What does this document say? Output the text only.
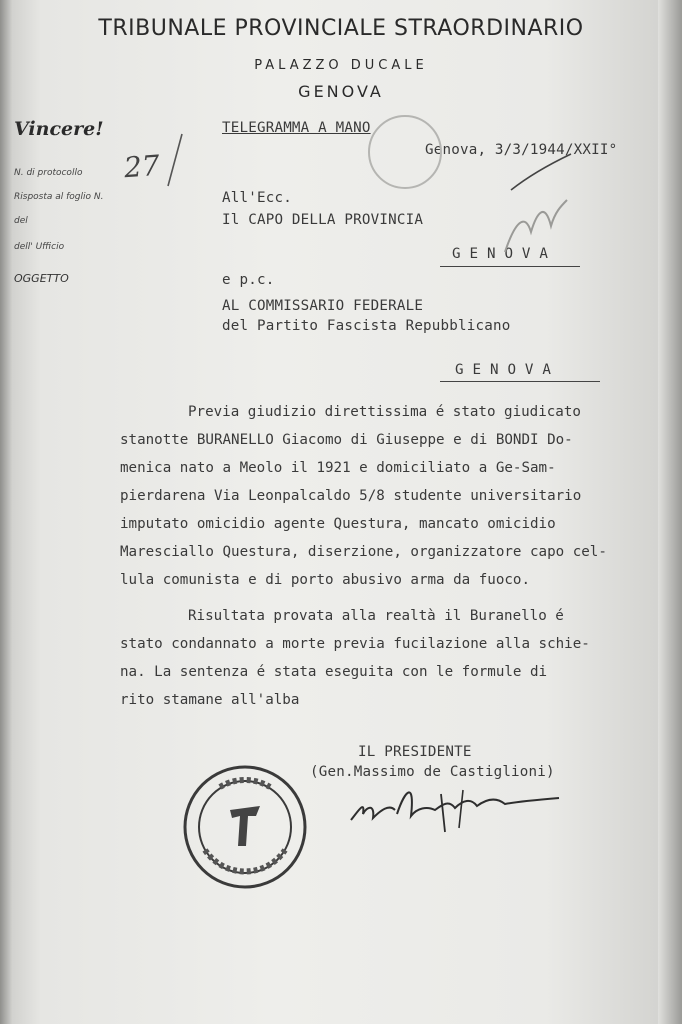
TRIBUNALE PROVINCIALE STRAORDINARIO
PALAZZO DUCALE
GENOVA
Vincere!
N. di protocollo
Risposta al foglio N.
del
dell' Ufficio
OGGETTO
27
TELEGRAMMA A MANO
Genova, 3/3/1944/XXII°
All'Ecc.
Il CAPO DELLA PROVINCIA
G E N O V A
e p.c.
AL COMMISSARIO FEDERALE
del Partito Fascista Repubblicano
G E N O V A
Previa giudizio direttissima é stato giudicato
stanotte BURANELLO Giacomo di Giuseppe e di BONDI Do-
menica nato a Meolo il 1921 e domiciliato a Ge-Sam-
pierdarena Via Leonpalcaldo 5/8 studente universitario
imputato omicidio agente Questura, mancato omicidio
Maresciallo Questura, diserzione, organizzatore capo cel-
lula comunista e di porto abusivo arma da fuoco.
Risultata provata alla realtà il Buranello é
stato condannato a morte previa fucilazione alla schie-
na. La sentenza é stata eseguita con le formule di
rito stamane all'alba
IL PRESIDENTE
(Gen.Massimo de Castiglioni)
